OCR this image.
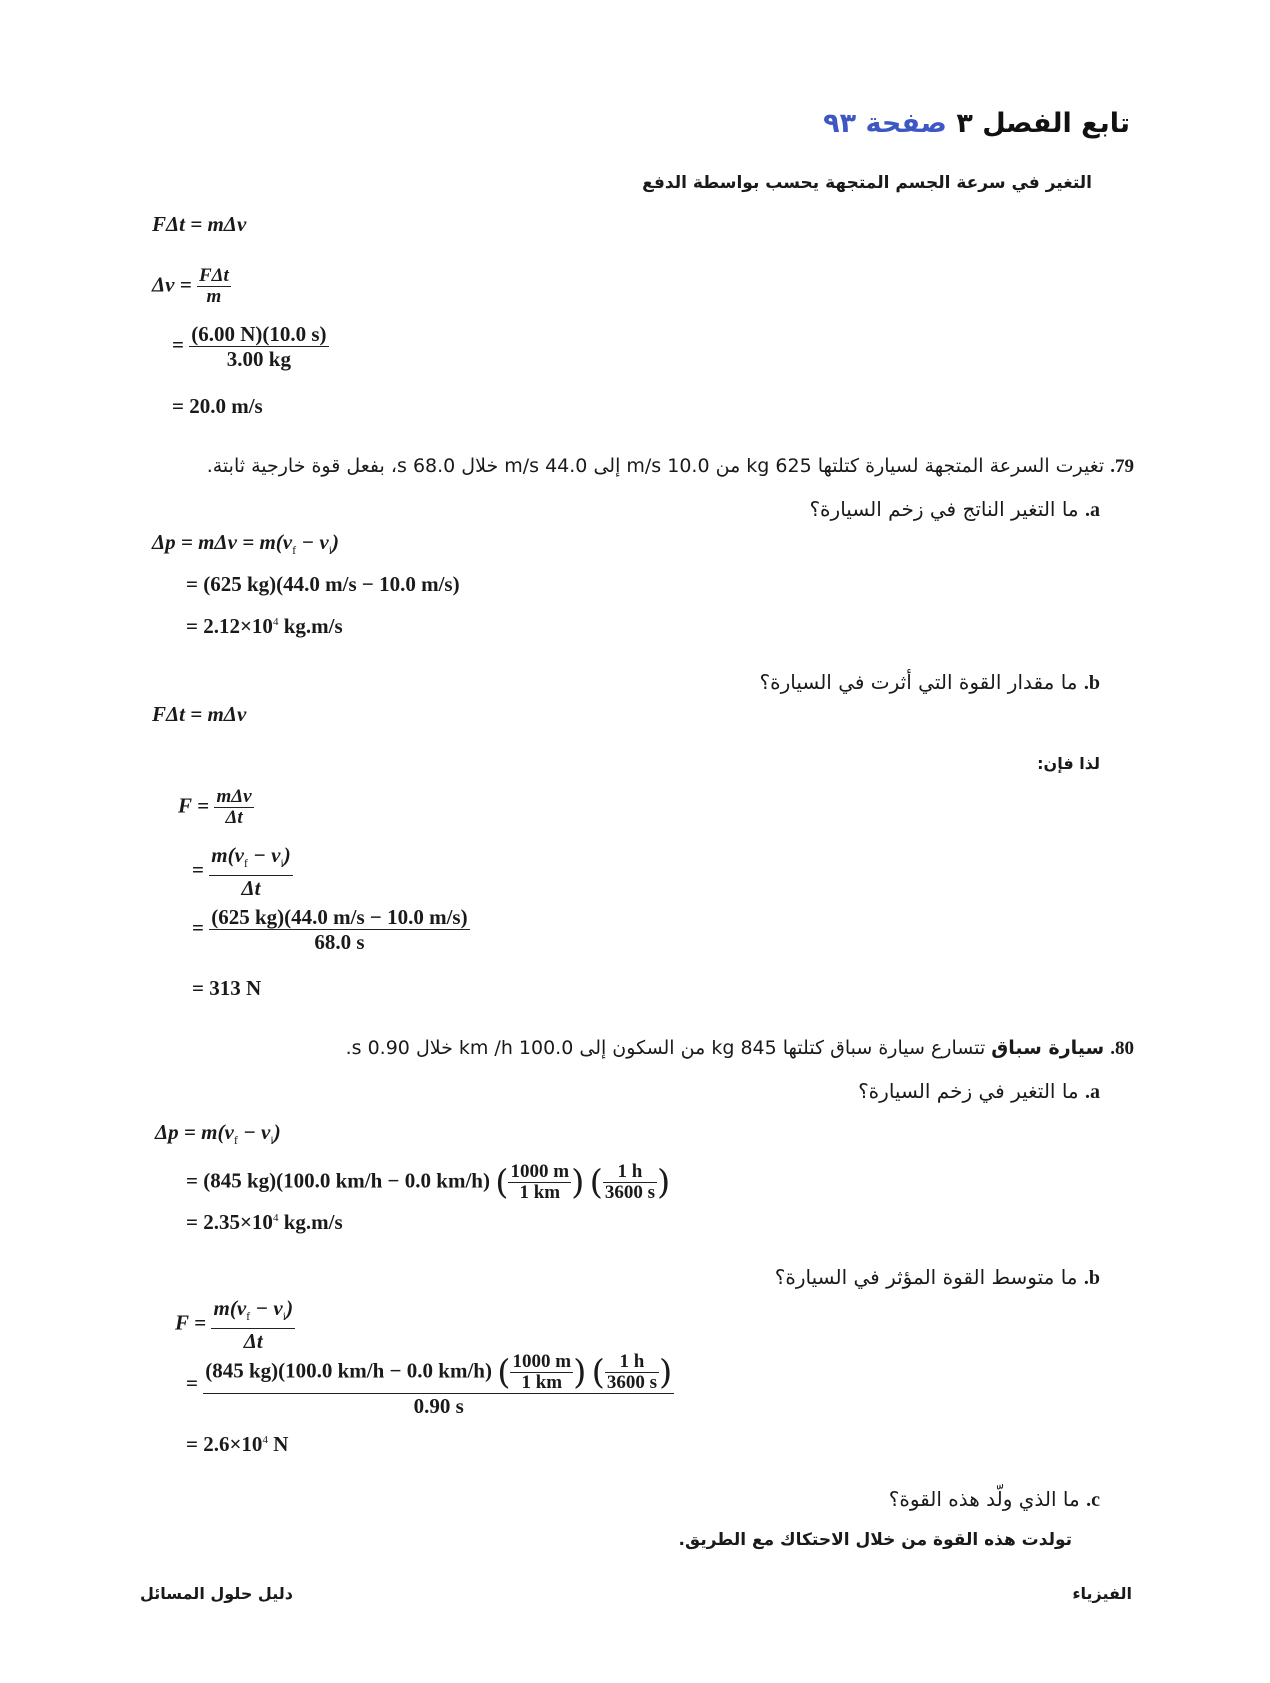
تابع الفصل ٣ صفحة ٩٣
التغير في سرعة الجسم المتجهة يحسب بواسطة الدفع
FΔt = mΔv
$\Delta v = \frac{\text{FΔt}}{m}$
= $\frac{(6.00 N)(10.0 s)}{3.00 kg}$
= 20.0 m/s
79. تغيرت السرعة المتجهة لسيارة كتلتها 625 kg من 10.0 m/s إلى 44.0 m/s خلال 68.0 s، بفعل قوة خارجية ثابتة.
a. ما التغير الناتج في زخم السيارة؟
$\Delta p = m\Delta v = m(v_f - v_i)$
= (625 kg)(44.0 m/s − 10.0 m/s)
= $2.12\times 10^4$ kg.m/s
b. ما مقدار القوة التي أثرت في السيارة؟
FΔt = mΔv
لذا فإن:
$F = \frac{\text{mΔv}}{\Delta t}$
= $\frac{m(v_f - v_i)}{\Delta t}$
= $\frac{(625 kg)(44.0 m/s - 10.0 m/s)}{68.0 s}$
= 313 N
80. سيارة سباق تتسارع سيارة سباق كتلتها 845 kg من السكون إلى 100.0 km /h خلال 0.90 s.
a. ما التغير في زخم السيارة؟
$\Delta p = m(v_f - v_i)$
= (845 kg)(100.0 km/h − 0.0 km/h) ( $\frac{1000 m}{1 km}$ ) ( $\frac{1 h}{3600 s}$ )
= $2.35\times 10^4$ kg.m/s
b. ما متوسط القوة المؤثر في السيارة؟
$F = \frac{m(v_f - v_i)}{\Delta t}$
=
(845 kg)(100.0 km/h − 0.0 km/h) ( $\frac{1000 m}{1 km}$ ) ( $\frac{1 h}{3600 s}$ )
0.90 s
= $2.6\times 10^4$ N
c. ما الذي ولّد هذه القوة؟
تولدت هذه القوة من خلال الاحتكاك مع الطريق.
الفيزياء
دليل حلول المسائل
